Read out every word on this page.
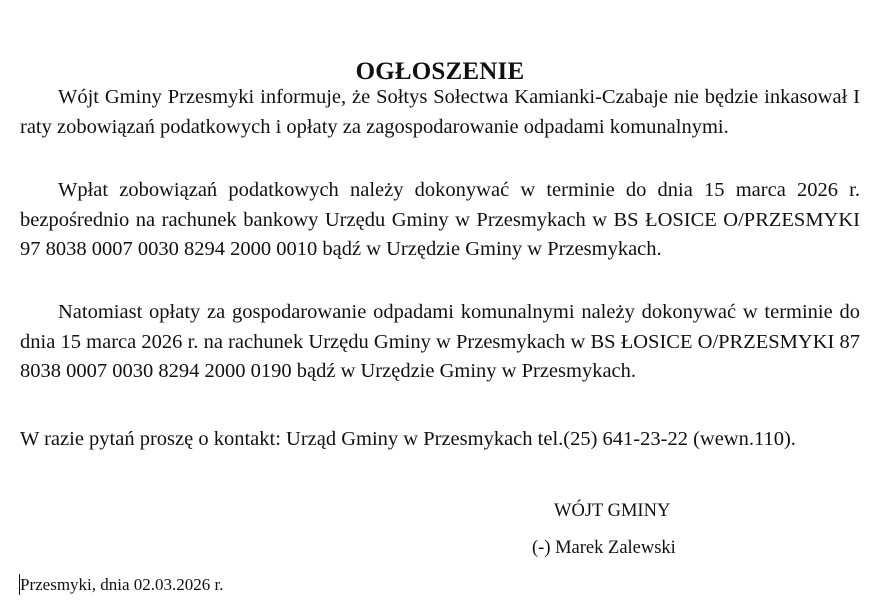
OGŁOSZENIE

Wójt Gminy Przesmyki informuje, że Sołtys Sołectwa Kamianki-Czabaje nie będzie inkasował I raty zobowiązań podatkowych i opłaty za zagospodarowanie odpadami komunalnymi.

Wpłat zobowiązań podatkowych należy dokonywać w terminie do dnia 15 marca 2026 r. bezpośrednio na rachunek bankowy Urzędu Gminy w Przesmykach w BS ŁOSICE O/PRZESMYKI 97 8038 0007 0030 8294 2000 0010 bądź w Urzędzie Gminy w Przesmykach.

Natomiast opłaty za gospodarowanie odpadami komunalnymi należy dokonywać w terminie do dnia 15 marca 2026 r. na rachunek Urzędu Gminy w Przesmykach w BS ŁOSICE O/PRZESMYKI 87 8038 0007 0030 8294 2000 0190 bądź w Urzędzie Gminy w Przesmykach.

W razie pytań proszę o kontakt: Urząd Gminy w Przesmykach tel.(25) 641-23-22 (wewn.110).

WÓJT GMINY
(-) Marek Zalewski
Przesmyki, dnia 02.03.2026 r.
